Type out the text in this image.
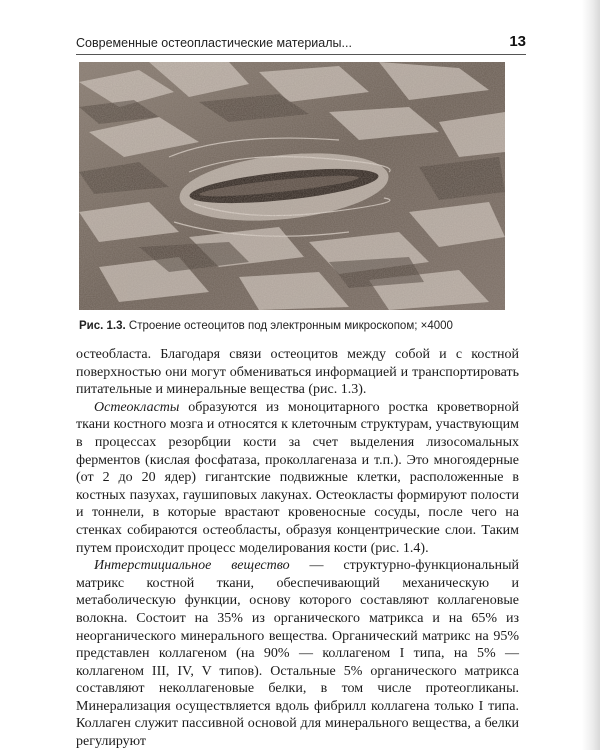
Современные остеопластические материалы...	13
Рис. 1.3. Строение остеоцитов под электронным микроскопом; ×4000

остеобласта. Благодаря связи остеоцитов между собой и с костной поверхностью они могут обмениваться информацией и транспортировать питательные и минеральные вещества (рис. 1.3).

Остеокласты образуются из моноцитарного ростка кроветворной ткани костного мозга и относятся к клеточным структурам, участвующим в процессах резорбции кости за счет выделения лизосомальных ферментов (кислая фосфатаза, проколлагеназа и т.п.). Это многоядерные (от 2 до 20 ядер) гигантские подвижные клетки, расположенные в костных пазухах, гаушиповых лакунах. Остеокласты формируют полости и тоннели, в которые врастают кровеносные сосуды, после чего на стенках собираются остеобласты, образуя концентрические слои. Таким путем происходит процесс моделирования кости (рис. 1.4).

Интерстициальное вещество — структурно-функциональный матрикс костной ткани, обеспечивающий механическую и метаболическую функции, основу которого составляют коллагеновые волокна. Состоит на 35% из органического матрикса и на 65% из неорганического минерального вещества. Органический матрикс на 95% представлен коллагеном (на 90% — коллагеном I типа, на 5% — коллагеном III, IV, V типов). Остальные 5% органического матрикса составляют неколлагеновые белки, в том числе протеогликаны. Минерализация осуществляется вдоль фибрилл коллагена только I типа. Коллаген служит пассивной основой для минерального вещества, а белки регулируют
